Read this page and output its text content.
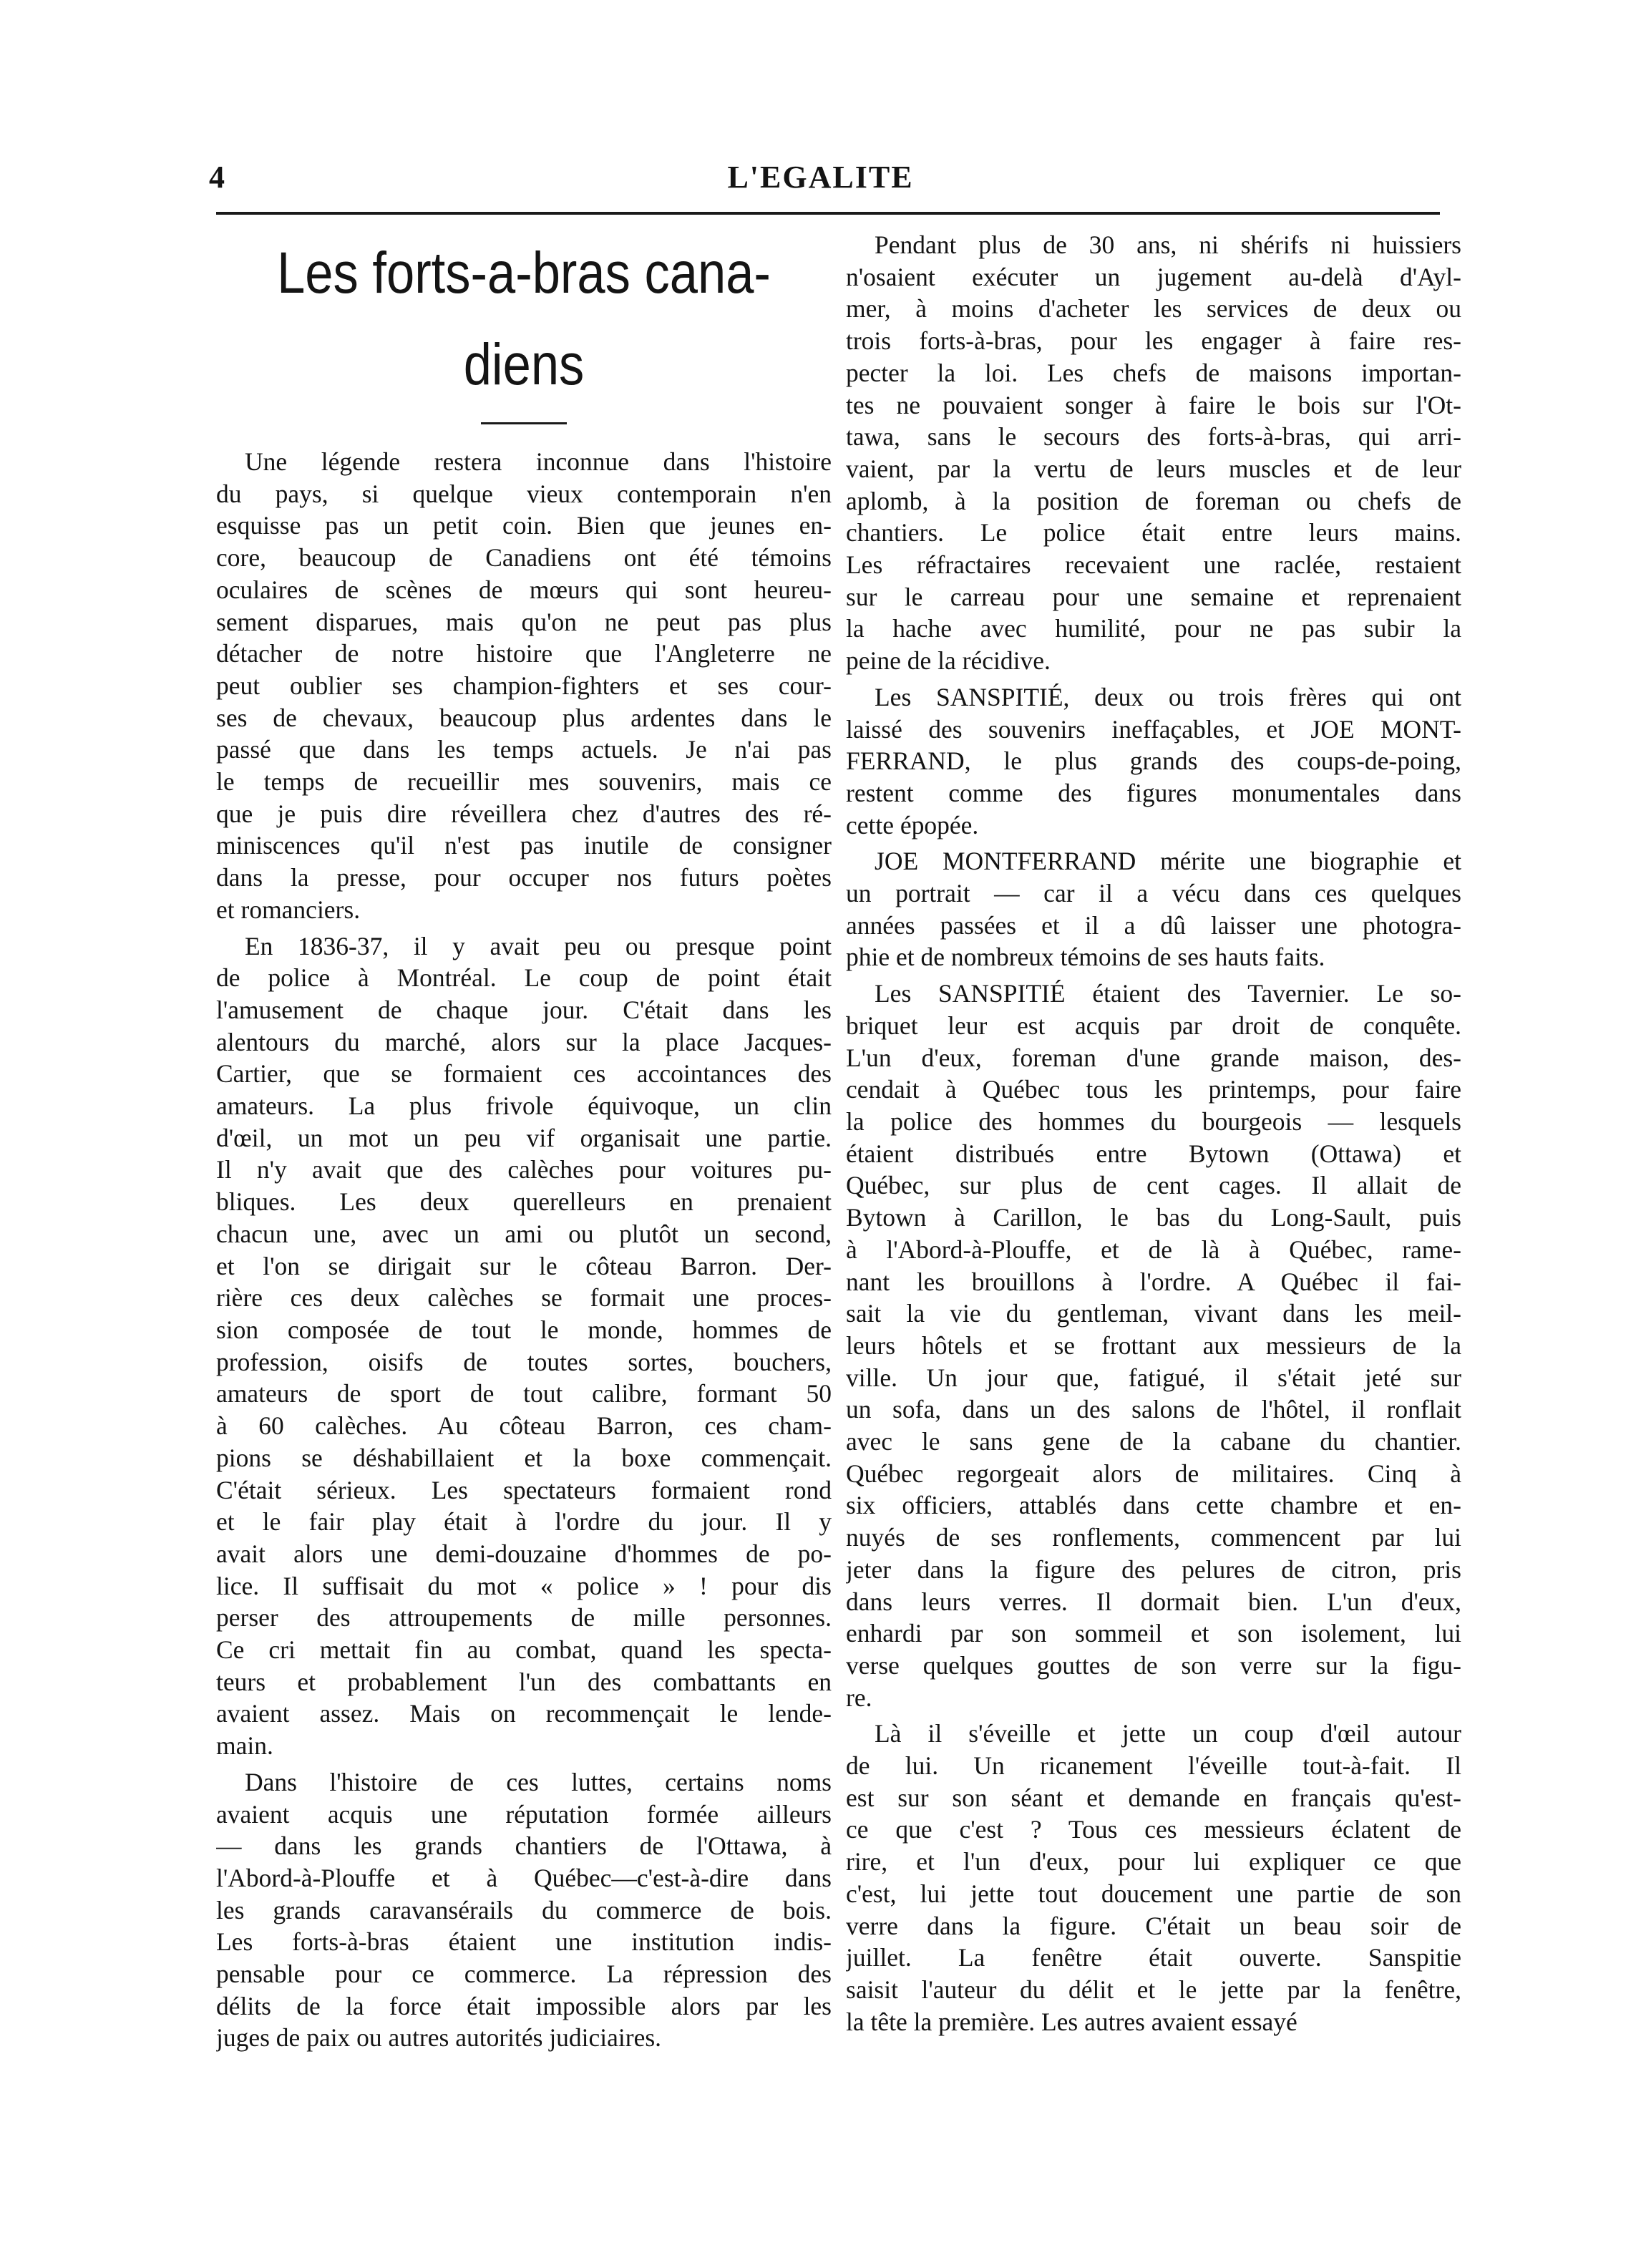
4	L'EGALITE
Les forts-a-bras cana-
diens
Une légende restera inconnue dans l'histoire
du pays, si quelque vieux contemporain n'en
esquisse pas un petit coin. Bien que jeunes en-
core, beaucoup de Canadiens ont été témoins
oculaires de scènes de mœurs qui sont heureu-
sement disparues, mais qu'on ne peut pas plus
détacher de notre histoire que l'Angleterre ne
peut oublier ses champion-fighters et ses cour-
ses de chevaux, beaucoup plus ardentes dans le
passé que dans les temps actuels. Je n'ai pas
le temps de recueillir mes souvenirs, mais ce
que je puis dire réveillera chez d'autres des ré-
miniscences qu'il n'est pas inutile de consigner
dans la presse, pour occuper nos futurs poètes
et romanciers.
En 1836-37, il y avait peu ou presque point
de police à Montréal. Le coup de point était
l'amusement de chaque jour. C'était dans les
alentours du marché, alors sur la place Jacques-
Cartier, que se formaient ces accointances des
amateurs. La plus frivole équivoque, un clin
d'œil, un mot un peu vif organisait une partie.
Il n'y avait que des calèches pour voitures pu-
bliques. Les deux querelleurs en prenaient
chacun une, avec un ami ou plutôt un second,
et l'on se dirigait sur le côteau Barron. Der-
rière ces deux calèches se formait une proces-
sion composée de tout le monde, hommes de
profession, oisifs de toutes sortes, bouchers,
amateurs de sport de tout calibre, formant 50
à 60 calèches. Au côteau Barron, ces cham-
pions se déshabillaient et la boxe commençait.
C'était sérieux. Les spectateurs formaient rond
et le fair play était à l'ordre du jour. Il y
avait alors une demi-douzaine d'hommes de po-
lice. Il suffisait du mot « police » ! pour dis
perser des attroupements de mille personnes.
Ce cri mettait fin au combat, quand les specta-
teurs et probablement l'un des combattants en
avaient assez. Mais on recommençait le lende-
main.
Dans l'histoire de ces luttes, certains noms
avaient acquis une réputation formée ailleurs
— dans les grands chantiers de l'Ottawa, à
l'Abord-à-Plouffe et à Québec—c'est-à-dire dans
les grands caravansérails du commerce de bois.
Les forts-à-bras étaient une institution indis-
pensable pour ce commerce. La répression des
délits de la force était impossible alors par les
juges de paix ou autres autorités judiciaires.
Pendant plus de 30 ans, ni shérifs ni huissiers
n'osaient exécuter un jugement au-delà d'Ayl-
mer, à moins d'acheter les services de deux ou
trois forts-à-bras, pour les engager à faire res-
pecter la loi. Les chefs de maisons importan-
tes ne pouvaient songer à faire le bois sur l'Ot-
tawa, sans le secours des forts-à-bras, qui arri-
vaient, par la vertu de leurs muscles et de leur
aplomb, à la position de foreman ou chefs de
chantiers. Le police était entre leurs mains.
Les réfractaires recevaient une raclée, restaient
sur le carreau pour une semaine et reprenaient
la hache avec humilité, pour ne pas subir la
peine de la récidive.
Les SANSPITIÉ, deux ou trois frères qui ont
laissé des souvenirs ineffaçables, et JOE MONT-
FERRAND, le plus grands des coups-de-poing,
restent comme des figures monumentales dans
cette épopée.
JOE MONTFERRAND mérite une biographie et
un portrait — car il a vécu dans ces quelques
années passées et il a dû laisser une photogra-
phie et de nombreux témoins de ses hauts faits.
Les SANSPITIÉ étaient des Tavernier. Le so-
briquet leur est acquis par droit de conquête.
L'un d'eux, foreman d'une grande maison, des-
cendait à Québec tous les printemps, pour faire
la police des hommes du bourgeois — lesquels
étaient distribués entre Bytown (Ottawa) et
Québec, sur plus de cent cages. Il allait de
Bytown à Carillon, le bas du Long-Sault, puis
à l'Abord-à-Plouffe, et de là à Québec, rame-
nant les brouillons à l'ordre. A Québec il fai-
sait la vie du gentleman, vivant dans les meil-
leurs hôtels et se frottant aux messieurs de la
ville. Un jour que, fatigué, il s'était jeté sur
un sofa, dans un des salons de l'hôtel, il ronflait
avec le sans gene de la cabane du chantier.
Québec regorgeait alors de militaires. Cinq à
six officiers, attablés dans cette chambre et en-
nuyés de ses ronflements, commencent par lui
jeter dans la figure des pelures de citron, pris
dans leurs verres. Il dormait bien. L'un d'eux,
enhardi par son sommeil et son isolement, lui
verse quelques gouttes de son verre sur la figu-
re.
Là il s'éveille et jette un coup d'œil autour
de lui. Un ricanement l'éveille tout-à-fait. Il
est sur son séant et demande en français qu'est-
ce que c'est ? Tous ces messieurs éclatent de
rire, et l'un d'eux, pour lui expliquer ce que
c'est, lui jette tout doucement une partie de son
verre dans la figure. C'était un beau soir de
juillet. La fenêtre était ouverte. Sanspitie
saisit l'auteur du délit et le jette par la fenêtre,
la tête la première. Les autres avaient essayé
